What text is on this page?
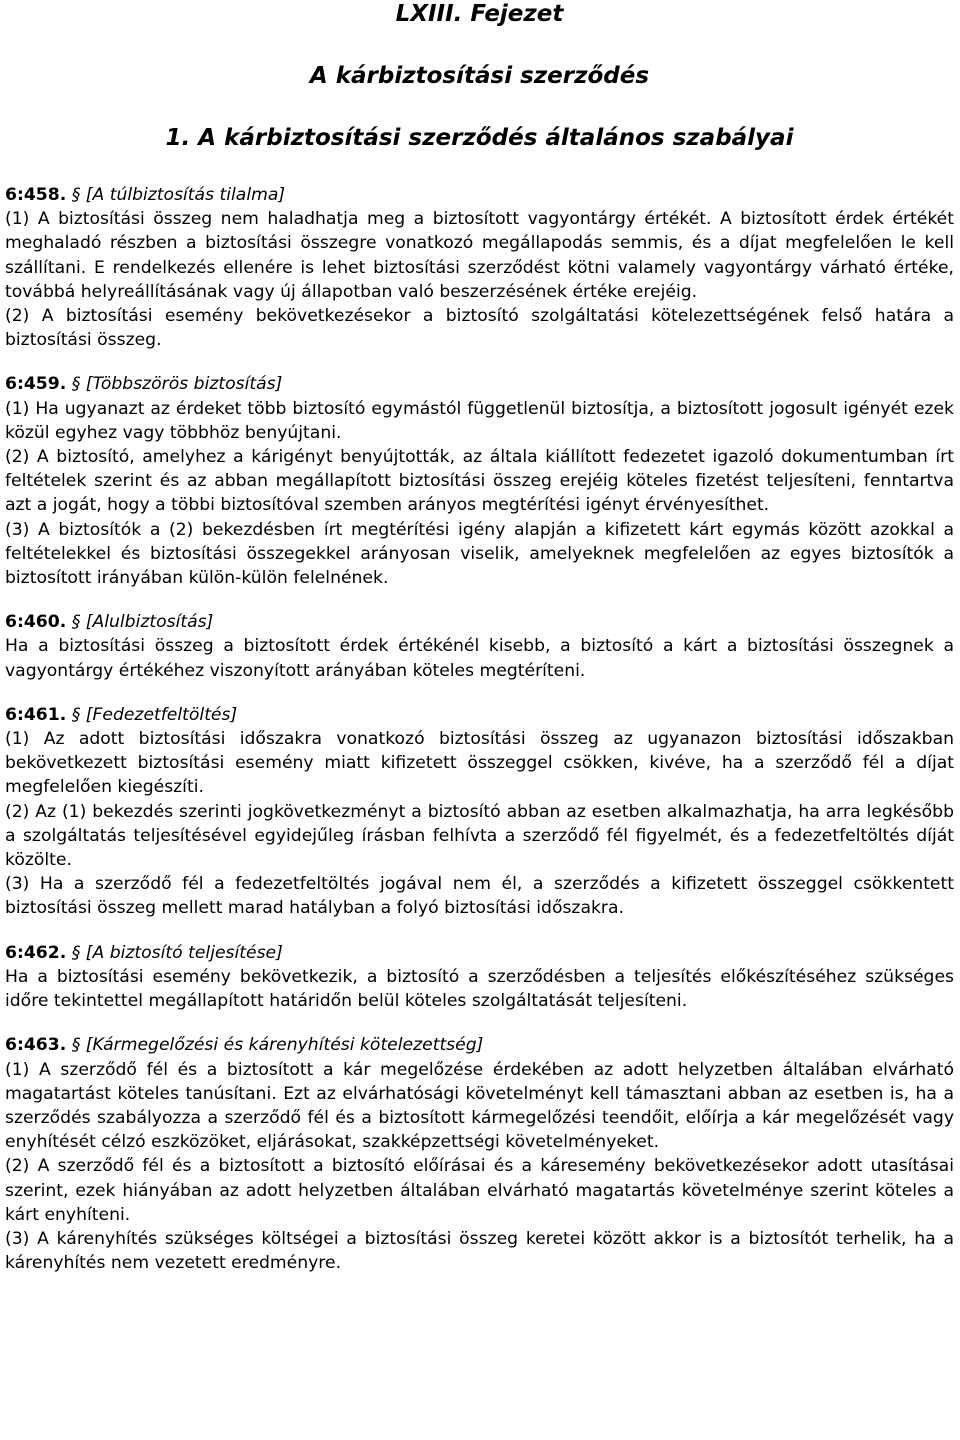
LXIII. Fejezet
A kárbiztosítási szerződés
1. A kárbiztosítási szerződés általános szabályai
6:458. § [A túlbiztosítás tilalma]

(1) A biztosítási összeg nem haladhatja meg a biztosított vagyontárgy értékét. A biztosított érdek értékét meghaladó részben a biztosítási összegre vonatkozó megállapodás semmis, és a díjat megfelelően le kell szállítani. E rendelkezés ellenére is lehet biztosítási szerződést kötni valamely vagyontárgy várható értéke, továbbá helyreállításának vagy új állapotban való beszerzésének értéke erejéig.

(2) A biztosítási esemény bekövetkezésekor a biztosító szolgáltatási kötelezettségének felső határa a biztosítási összeg.

6:459. § [Többszörös biztosítás]

(1) Ha ugyanazt az érdeket több biztosító egymástól függetlenül biztosítja, a biztosított jogosult igényét ezek közül egyhez vagy többhöz benyújtani.

(2) A biztosító, amelyhez a kárigényt benyújtották, az általa kiállított fedezetet igazoló dokumentumban írt feltételek szerint és az abban megállapított biztosítási összeg erejéig köteles fizetést teljesíteni, fenntartva azt a jogát, hogy a többi biztosítóval szemben arányos megtérítési igényt érvényesíthet.

(3) A biztosítók a (2) bekezdésben írt megtérítési igény alapján a kifizetett kárt egymás között azokkal a feltételekkel és biztosítási összegekkel arányosan viselik, amelyeknek megfelelően az egyes biztosítók a biztosított irányában külön-külön felelnének.

6:460. § [Alulbiztosítás]

Ha a biztosítási összeg a biztosított érdek értékénél kisebb, a biztosító a kárt a biztosítási összegnek a vagyontárgy értékéhez viszonyított arányában köteles megtéríteni.

6:461. § [Fedezetfeltöltés]

(1) Az adott biztosítási időszakra vonatkozó biztosítási összeg az ugyanazon biztosítási időszakban bekövetkezett biztosítási esemény miatt kifizetett összeggel csökken, kivéve, ha a szerződő fél a díjat megfelelően kiegészíti.

(2) Az (1) bekezdés szerinti jogkövetkezményt a biztosító abban az esetben alkalmazhatja, ha arra legkésőbb a szolgáltatás teljesítésével egyidejűleg írásban felhívta a szerződő fél figyelmét, és a fedezetfeltöltés díját közölte.

(3) Ha a szerződő fél a fedezetfeltöltés jogával nem él, a szerződés a kifizetett összeggel csökkentett biztosítási összeg mellett marad hatályban a folyó biztosítási időszakra.

6:462. § [A biztosító teljesítése]

Ha a biztosítási esemény bekövetkezik, a biztosító a szerződésben a teljesítés előkészítéséhez szükséges időre tekintettel megállapított határidőn belül köteles szolgáltatását teljesíteni.

6:463. § [Kármegelőzési és kárenyhítési kötelezettség]

(1) A szerződő fél és a biztosított a kár megelőzése érdekében az adott helyzetben általában elvárható magatartást köteles tanúsítani. Ezt az elvárhatósági követelményt kell támasztani abban az esetben is, ha a szerződés szabályozza a szerződő fél és a biztosított kármegelőzési teendőit, előírja a kár megelőzését vagy enyhítését célzó eszközöket, eljárásokat, szakképzettségi követelményeket.

(2) A szerződő fél és a biztosított a biztosító előírásai és a káresemény bekövetkezésekor adott utasításai szerint, ezek hiányában az adott helyzetben általában elvárható magatartás követelménye szerint köteles a kárt enyhíteni.

(3) A kárenyhítés szükséges költségei a biztosítási összeg keretei között akkor is a biztosítót terhelik, ha a kárenyhítés nem vezetett eredményre.
